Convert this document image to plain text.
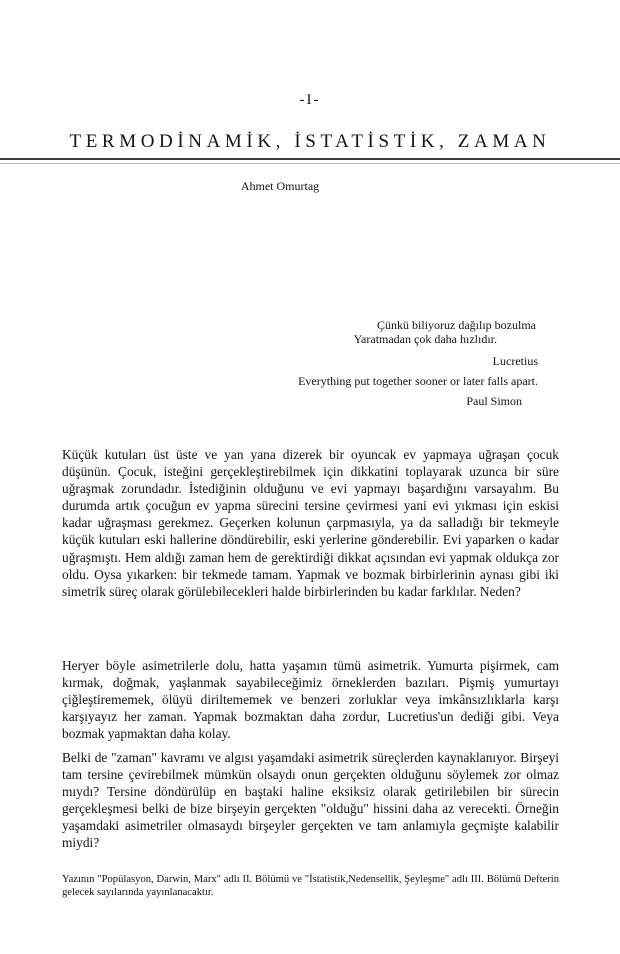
-I-
TERMODİNAMİK, İSTATİSTİK, ZAMAN
Ahmet Omurtag
Çünkü biliyoruz dağılıp bozulma
Yaratmadan çok daha hızlıdır.
Lucretius
Everything put together sooner or later falls apart.
Paul Simon

Küçük kutuları üst üste ve yan yana dizerek bir oyuncak ev yapmaya uğraşan çocuk düşünün. Çocuk, isteğini gerçekleştirebilmek için dikkatini toplayarak uzunca bir süre uğraşmak zorundadır. İstediğinin olduğunu ve evi yapmayı başardığını varsayalım. Bu durumda artık çocuğun ev yapma sürecini tersine çevirmesi yani evi yıkması için eskisi kadar uğraşması gerekmez. Geçerken kolunun çarpmasıyla, ya da salladığı bir tekmeyle küçük kutuları eski hallerine döndürebilir, eski yerlerine gönderebilir. Evi yaparken o kadar uğraşmıştı. Hem aldığı zaman hem de gerektirdiği dikkat açısından evi yapmak oldukça zor oldu. Oysa yıkarken: bir tekmede tamam. Yapmak ve bozmak birbirlerinin aynası gibi iki simetrik süreç olarak görülebilecekleri halde birbirlerinden bu kadar farklılar. Neden?

Heryer böyle asimetrilerle dolu, hatta yaşamın tümü asimetrik. Yumurta pişirmek, cam kırmak, doğmak, yaşlanmak sayabileceğimiz örneklerden bazıları. Pişmiş yumurtayı çiğleştirememek, ölüyü diriltememek ve benzeri zorluklar veya imkânsızlıklarla karşı karşıyayız her zaman. Yapmak bozmaktan daha zordur, Lucretius'un dediği gibi. Veya bozmak yapmaktan daha kolay.

Belki de "zaman" kavramı ve algısı yaşamdaki asimetrik süreçlerden kaynaklanıyor. Birşeyi tam tersine çevirebilmek mümkün olsaydı onun gerçekten olduğunu söylemek zor olmaz mıydı? Tersine döndürülüp en baştaki haline eksiksiz olarak getirilebilen bir sürecin gerçekleşmesi belki de bize birşeyin gerçekten "olduğu" hissini daha az verecekti. Örneğin yaşamdaki asimetriler olmasaydı birşeyler gerçekten ve tam anlamıyla geçmişte kalabilir miydi?

Yazının "Popülasyon, Darwin, Marx" adlı II. Bölümü ve "İstatistik,Nedensellik, Şeyleşme" adlı III. Bölümü Defterin gelecek sayılarında yayınlanacaktır.
